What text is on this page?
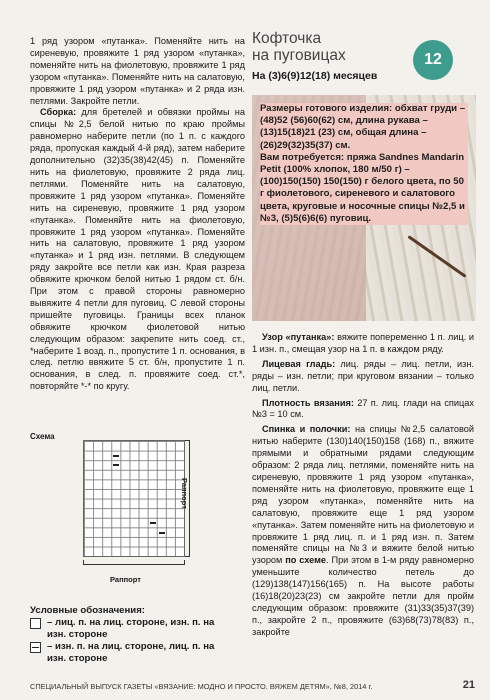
1 ряд узором «путанка». Поменяйте нить на сиреневую, провяжите 1 ряд узором «путанка», поменяйте нить на фиолетовую, провяжите 1 ряд узором «путанка». Поменяйте нить на салатовую, провяжите 1 ряд узором «путанка» и 2 ряда изн. петлями. Закройте петли.

Сборка: для бретелей и обвязки проймы на спицы №2,5 белой нитью по краю проймы равномерно наберите петли (по 1 п. с каждого ряда, пропуская каждый 4-й ряд), затем наберите дополнительно (32)35(38)42(45) п. Поменяйте нить на фиолетовую, провяжите 2 ряда лиц. петлями. Поменяйте нить на салатовую, провяжите 1 ряд узором «путанка». Поменяйте нить на сиреневую, провяжите 1 ряд узором «путанка». Поменяйте нить на фиолетовую, провяжите 1 ряд узором «путанка». Поменяйте нить на салатовую, провяжите 1 ряд узором «путанка» и 1 ряд изн. петлями. В следующем ряду закройте все петли как изн. Края разреза обвяжите крючком белой нитью 1 рядом ст. б/н. При этом с правой стороны равномерно вывяжите 4 петли для пуговиц. С левой стороны пришейте пуговицы. Границы всех планок обвяжите крючком фиолетовой нитью следующим образом: закрепите нить соед. ст., *наберите 1 возд. п., пропустите 1 п. основания, в след. петлю ввяжите 5 ст. б/н, пропустите 1 п. основания, в след. п. провяжите соед. ст.*, повторяйте *-* по кругу.

Кофточка
на пуговицах
На (3)6(9)12(18) месяцев
12

Размеры готового изделия: обхват груди – (48)52 (56)60(62) см, длина рукава – (13)15(18)21 (23) см, общая длина – (26)29(32)35(37) см.

Вам потребуется: пряжа Sandnes Mandarin Petit (100% хлопок, 180 м/50 г) – (100)150(150) 150(150) г белого цвета, по 50 г фиолетового, сиреневого и салатового цвета, круговые и носочные спицы №2,5 и №3, (5)5(6)6(6) пуговиц.

Узор «путанка»: вяжите попеременно 1 п. лиц. и 1 изн. п., смещая узор на 1 п. в каждом ряду.

Лицевая гладь: лиц. ряды – лиц. петли, изн. ряды – изн. петли; при круговом вязании – только лиц. петли.

Плотность вязания: 27 п. лиц. глади на спицах №3 = 10 см.

Спинка и полочки: на спицы №2,5 салатовой нитью наберите (130)140(150)158 (168) п., вяжите прямыми и обратными рядами следующим образом: 2 ряда лиц. петлями, поменяйте нить на сиреневую, провяжите 1 ряд узором «путанка», поменяйте нить на фиолетовую, провяжите еще 1 ряд узором «путанка», поменяйте нить на салатовую, провяжите еще 1 ряд узором «путанка». Затем поменяйте нить на фиолетовую и провяжите 1 ряд лиц. п. и 1 ряд изн. п. Затем поменяйте спицы на №3 и вяжите белой нитью узором по схеме. При этом в 1-м ряду равномерно уменьшите количество петель до (129)138(147)156(165) п. На высоте работы (16)18(20)23(23) см закройте петли для пройм следующим образом: провяжите (31)33(35)37(39) п., закройте 2 п., провяжите (63)68(73)78(83) п., закройте

Схема
Раппорт
Раппорт
Условные обозначения:
– лиц. п. на лиц. стороне, изн. п. на изн. стороне
– изн. п. на лиц. стороне, лиц. п. на изн. стороне
СПЕЦИАЛЬНЫЙ ВЫПУСК ГАЗЕТЫ «ВЯЗАНИЕ: МОДНО И ПРОСТО. ВЯЖЕМ ДЕТЯМ», №8, 2014 г.	21
